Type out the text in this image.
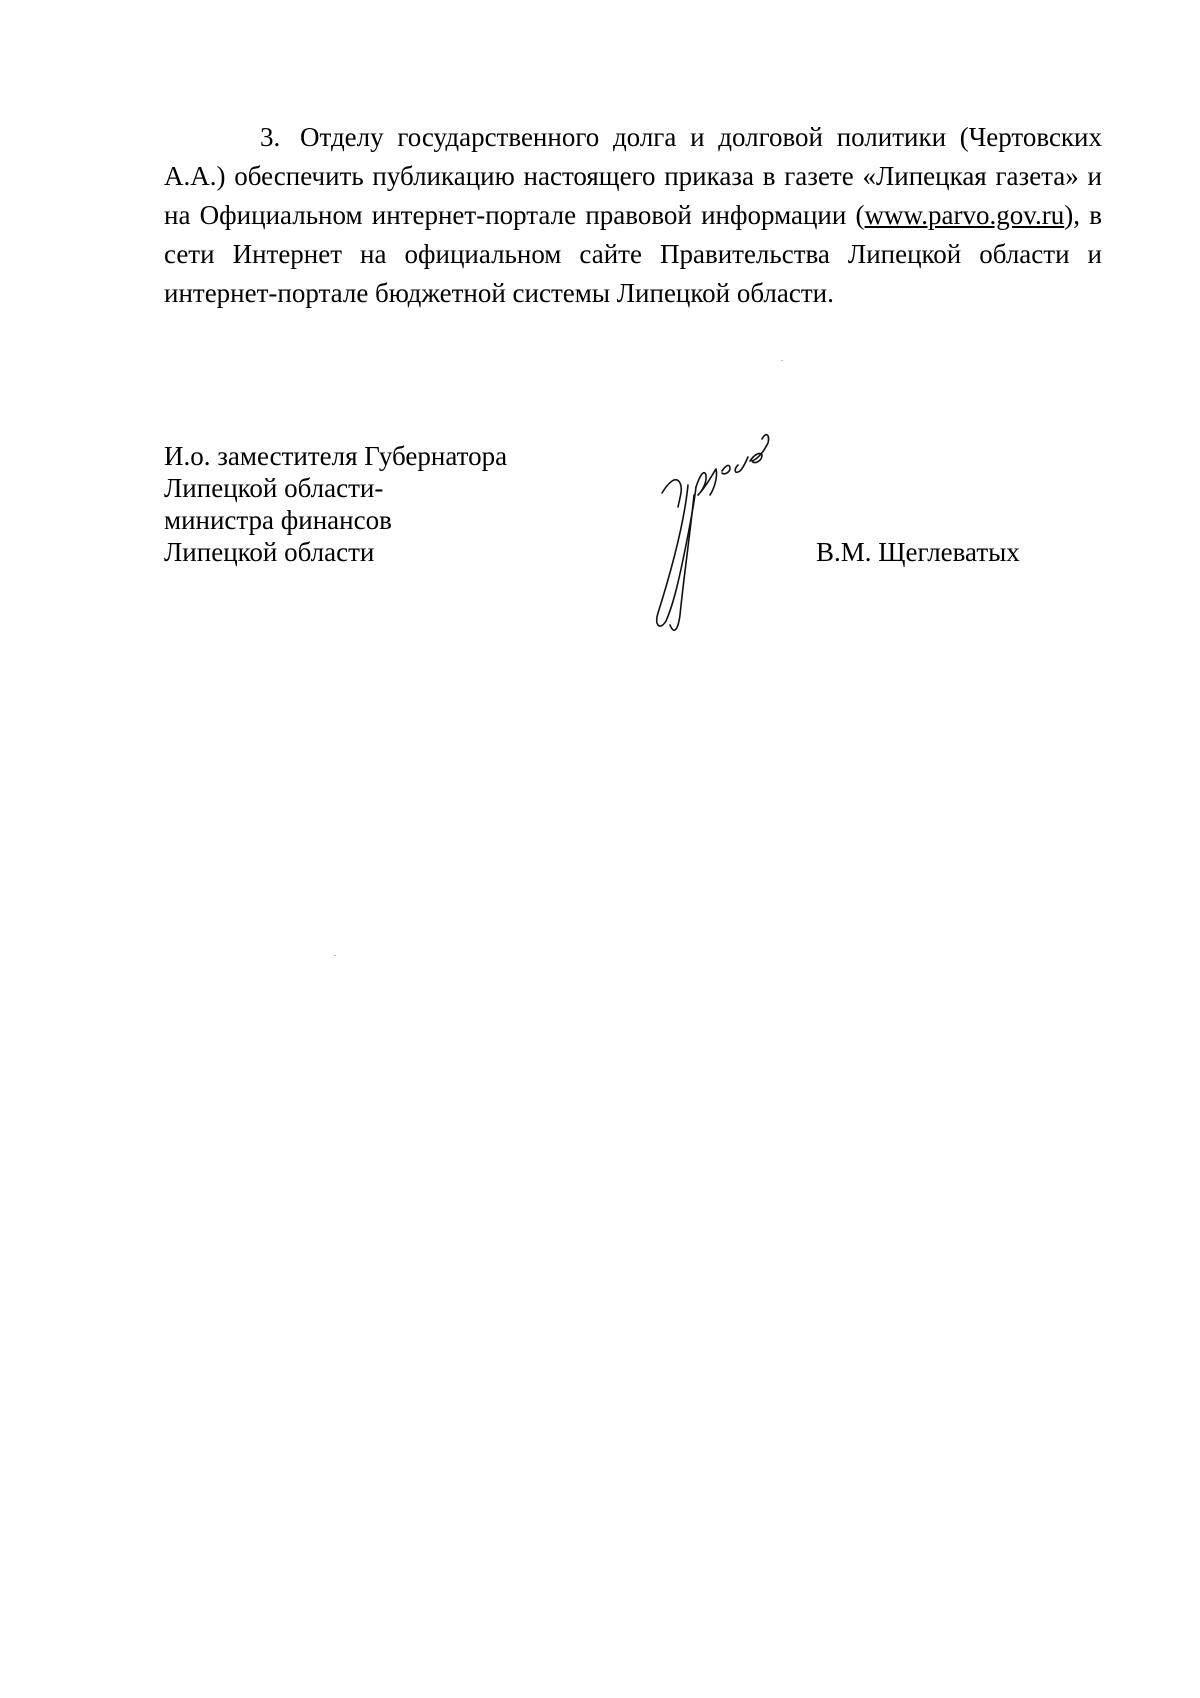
3. Отделу государственного долга и долговой политики (Чертовских А.А.) обеспечить публикацию настоящего приказа в газете «Липецкая газета» и на Официальном интернет-портале правовой информации (www.parvo.gov.ru), в сети Интернет на официальном сайте Правительства Липецкой области и интернет-портале бюджетной системы Липецкой области.

И.о. заместителя Губернатора
Липецкой области-
министра финансов
Липецкой области	В.М. Щеглеватых
